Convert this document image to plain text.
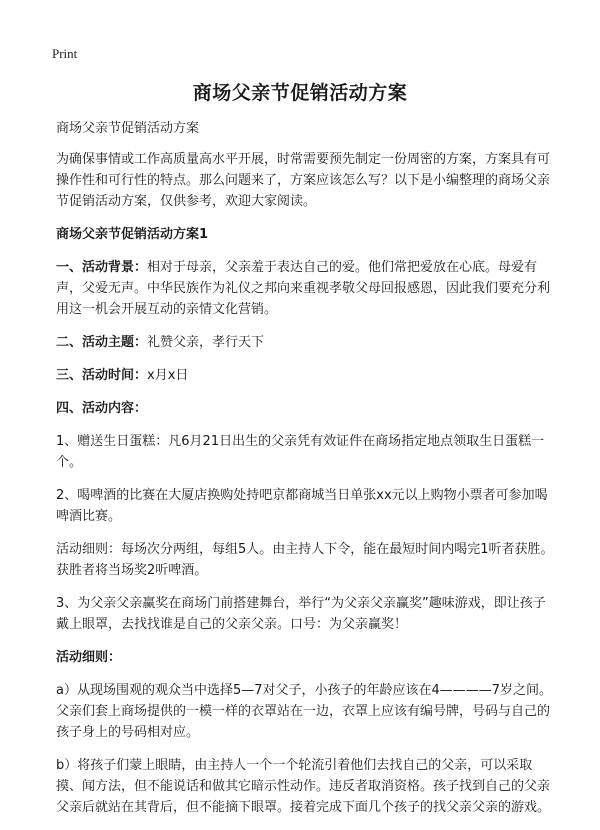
Print
商场父亲节促销活动方案

商场父亲节促销活动方案

为确保事情或工作高质量高水平开展，时常需要预先制定一份周密的方案，方案具有可操作性和可行性的特点。那么问题来了，方案应该怎么写？以下是小编整理的商场父亲节促销活动方案，仅供参考，欢迎大家阅读。

商场父亲节促销活动方案1

一、活动背景：相对于母亲，父亲羞于表达自己的爱。他们常把爱放在心底。母爱有声，父爱无声。中华民族作为礼仪之邦向来重视孝敬父母回报感恩，因此我们要充分利用这一机会开展互动的亲情文化营销。

二、活动主题：礼赞父亲，孝行天下

三、活动时间：x月x日

四、活动内容：

1、赠送生日蛋糕：凡6月21日出生的父亲凭有效证件在商场指定地点领取生日蛋糕一个。

2、喝啤酒的比赛在大厦店换购处持吧京都商城当日单张xx元以上购物小票者可参加喝啤酒比赛。

活动细则：每场次分两组，每组5人。由主持人下令，能在最短时间内喝完1听者获胜。获胜者将当场奖2听啤酒。

3、为父亲父亲赢奖在商场门前搭建舞台，举行“为父亲父亲赢奖”趣味游戏，即让孩子戴上眼罩，去找找谁是自己的父亲父亲。口号：为父亲赢奖！

活动细则：

a）从现场围观的观众当中选择5—7对父子，小孩子的年龄应该在4————7岁之间。父亲们套上商场提供的一模一样的衣罩站在一边，衣罩上应该有编号牌，号码与自己的孩子身上的号码相对应。

b）将孩子们蒙上眼睛，由主持人一个一个轮流引着他们去找自己的父亲，可以采取摸、闻方法，但不能说话和做其它暗示性动作。违反者取消资格。孩子找到自己的父亲父亲后就站在其背后，但不能摘下眼罩。接着完成下面几个孩子的找父亲父亲的游戏。
